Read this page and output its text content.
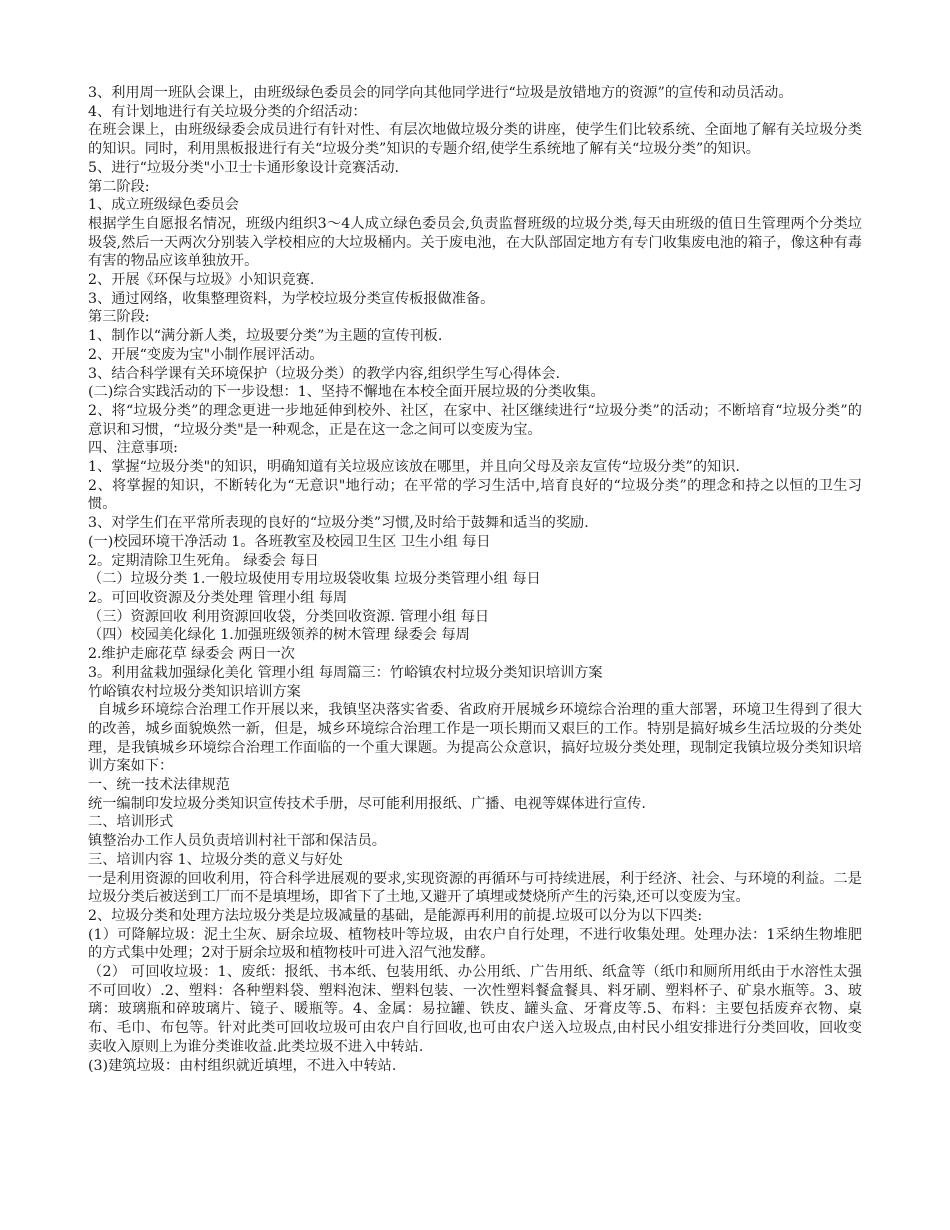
3、利用周一班队会课上，由班级绿色委员会的同学向其他同学进行“垃圾是放错地方的资源”的宣传和动员活动。

4、有计划地进行有关垃圾分类的介绍活动：

在班会课上，由班级绿委会成员进行有针对性、有层次地做垃圾分类的讲座，使学生们比较系统、全面地了解有关垃圾分类的知识。同时，利用黑板报进行有关“垃圾分类”知识的专题介绍,使学生系统地了解有关“垃圾分类”的知识。

5、进行“垃圾分类"小卫士卡通形象设计竞赛活动.

第二阶段:

1、成立班级绿色委员会

根据学生自愿报名情况，班级内组织3～4人成立绿色委员会,负责监督班级的垃圾分类,每天由班级的值日生管理两个分类垃圾袋,然后一天两次分别装入学校相应的大垃圾桶内。关于废电池，在大队部固定地方有专门收集废电池的箱子，像这种有毒有害的物品应该单独放开。

2、开展《环保与垃圾》小知识竞赛.

3、通过网络，收集整理资料，为学校垃圾分类宣传板报做准备。

第三阶段:

1、制作以“满分新人类，垃圾要分类”为主题的宣传刊板.

2、开展“变废为宝"小制作展评活动。

3、结合科学课有关环境保护（垃圾分类）的教学内容,组织学生写心得体会.

(二)综合实践活动的下一步设想：1、坚持不懈地在本校全面开展垃圾的分类收集。

2、将“垃圾分类”的理念更进一步地延伸到校外、社区，在家中、社区继续进行“垃圾分类”的活动；不断培育“垃圾分类”的意识和习惯，“垃圾分类"是一种观念，正是在这一念之间可以变废为宝。

四、注意事项:

1、掌握“垃圾分类"的知识，明确知道有关垃圾应该放在哪里，并且向父母及亲友宣传“垃圾分类”的知识.

2、将掌握的知识，不断转化为“无意识"地行动；在平常的学习生活中,培育良好的“垃圾分类”的理念和持之以恒的卫生习惯。

3、对学生们在平常所表现的良好的“垃圾分类”习惯,及时给于鼓舞和适当的奖励.

(一)校园环境干净活动 1。各班教室及校园卫生区 卫生小组 每日

2。定期清除卫生死角。 绿委会 每日

（二）垃圾分类 1.一般垃圾使用专用垃圾袋收集 垃圾分类管理小组 每日

2。可回收资源及分类处理 管理小组 每周

（三）资源回收 利用资源回收袋，分类回收资源. 管理小组 每日

（四）校园美化绿化 1.加强班级领养的树木管理 绿委会 每周

2.维护走廊花草 绿委会 两日一次

3。利用盆栽加强绿化美化 管理小组 每周篇三：竹峪镇农村垃圾分类知识培训方案

竹峪镇农村垃圾分类知识培训方案

自城乡环境综合治理工作开展以来，我镇坚决落实省委、省政府开展城乡环境综合治理的重大部署，环境卫生得到了很大的改善，城乡面貌焕然一新，但是，城乡环境综合治理工作是一项长期而又艰巨的工作。特别是搞好城乡生活垃圾的分类处理，是我镇城乡环境综合治理工作面临的一个重大课题。为提高公众意识，搞好垃圾分类处理，现制定我镇垃圾分类知识培训方案如下：

一、统一技术法律规范

统一编制印发垃圾分类知识宣传技术手册，尽可能利用报纸、广播、电视等媒体进行宣传.

二、培训形式

镇整治办工作人员负责培训村社干部和保洁员。

三、培训内容 1、垃圾分类的意义与好处

一是利用资源的回收利用，符合科学进展观的要求,实现资源的再循环与可持续进展，利于经济、社会、与环境的利益。二是垃圾分类后被送到工厂而不是填埋场，即省下了土地,又避开了填埋或焚烧所产生的污染,还可以变废为宝。

2、垃圾分类和处理方法垃圾分类是垃圾减量的基础，是能源再利用的前提.垃圾可以分为以下四类:

(1）可降解垃圾：泥土尘灰、厨余垃圾、植物枝叶等垃圾，由农户自行处理，不进行收集处理。处理办法：1采纳生物堆肥的方式集中处理；2对于厨余垃圾和植物枝叶可进入沼气池发酵。

（2） 可回收垃圾：1、废纸：报纸、书本纸、包装用纸、办公用纸、广告用纸、纸盒等（纸巾和厕所用纸由于水溶性太强不可回收）.2、塑料：各种塑料袋、塑料泡沫、塑料包装、一次性塑料餐盒餐具、料牙刷、塑料杯子、矿泉水瓶等。3、玻璃：玻璃瓶和碎玻璃片、镜子、暖瓶等。4、金属：易拉罐、铁皮、罐头盒、牙膏皮等.5、布料：主要包括废弃衣物、桌布、毛巾、布包等。针对此类可回收垃圾可由农户自行回收,也可由农户送入垃圾点,由村民小组安排进行分类回收，回收变卖收入原则上为谁分类谁收益.此类垃圾不进入中转站.

(3)建筑垃圾：由村组织就近填埋，不进入中转站.
